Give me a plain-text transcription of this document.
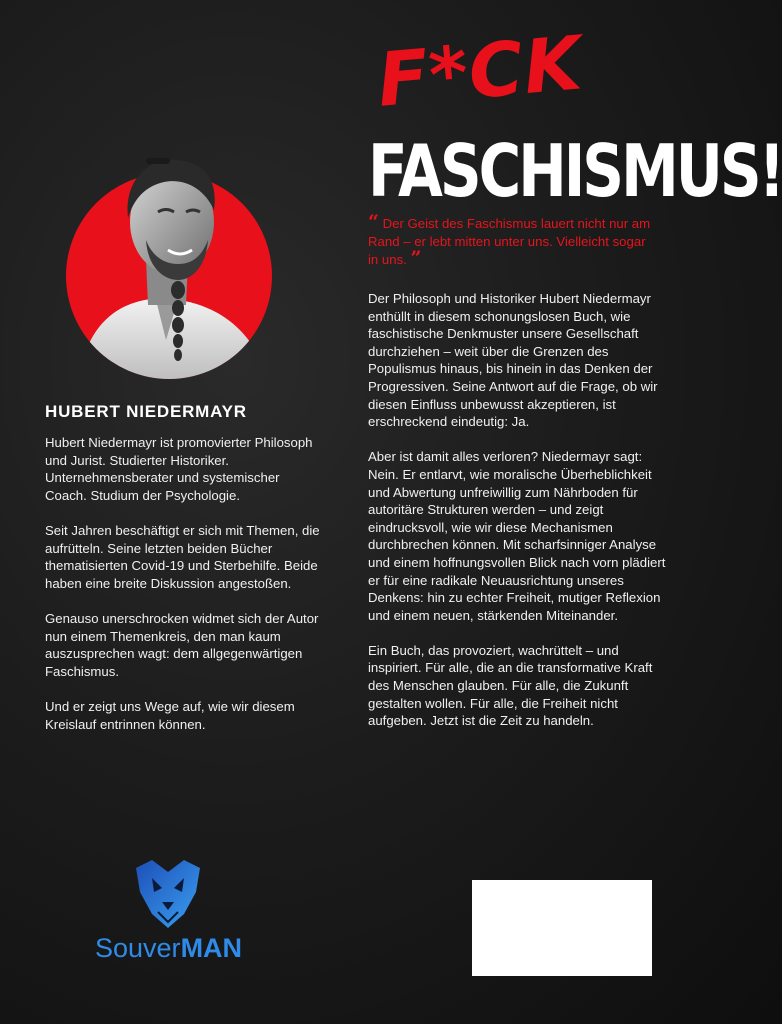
HUBERT NIEDERMAYR

Hubert Niedermayr ist promovierter Philosoph und Jurist. Studierter Historiker. Unternehmensberater und systemischer Coach. Studium der Psychologie.

Seit Jahren beschäftigt er sich mit Themen, die aufrütteln. Seine letzten beiden Bücher thematisierten Covid-19 und Sterbehilfe. Beide haben eine breite Diskussion angestoßen.

Genauso unerschrocken widmet sich der Autor nun einem Themenkreis, den man kaum auszusprechen wagt: dem allgegenwärtigen Faschismus.

Und er zeigt uns Wege auf, wie wir diesem Kreislauf entrinnen können.

SouverMAN
F*CK
FASCHISMUS!
“ Der Geist des Faschismus lauert nicht nur am Rand – er lebt mitten unter uns. Vielleicht sogar in uns. ”

Der Philosoph und Historiker Hubert Niedermayr enthüllt in diesem schonungslosen Buch, wie faschistische Denkmuster unsere Gesellschaft durchziehen – weit über die Grenzen des Populismus hinaus, bis hinein in das Denken der Progressiven. Seine Antwort auf die Frage, ob wir diesen Einfluss unbewusst akzeptieren, ist erschreckend eindeutig: Ja.

Aber ist damit alles verloren? Niedermayr sagt: Nein. Er entlarvt, wie moralische Überheblichkeit und Abwertung unfreiwillig zum Nährboden für autoritäre Strukturen werden – und zeigt eindrucksvoll, wie wir diese Mechanismen durchbrechen können. Mit scharfsinniger Analyse und einem hoffnungsvollen Blick nach vorn plädiert er für eine radikale Neuausrichtung unseres Denkens: hin zu echter Freiheit, mutiger Reflexion und einem neuen, stärkenden Miteinander.

Ein Buch, das provoziert, wachrüttelt – und inspiriert. Für alle, die an die transformative Kraft des Menschen glauben. Für alle, die Zukunft gestalten wollen. Für alle, die Freiheit nicht aufgeben. Jetzt ist die Zeit zu handeln.
